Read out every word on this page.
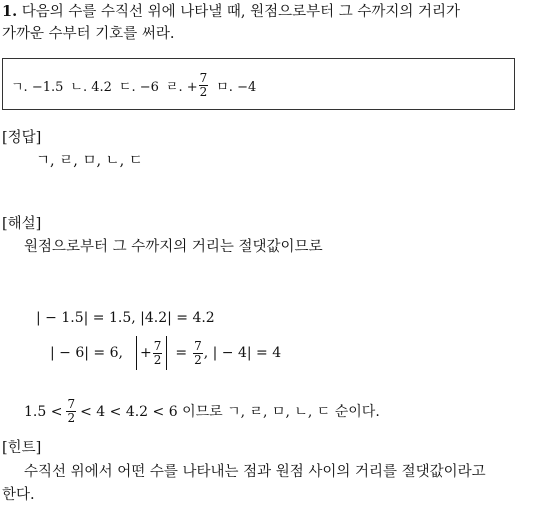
1. 다음의 수를 수직선 위에 나타낼 때, 원점으로부터 그 수까지의 거리가
가까운 수부터 기호를 써라.
ㄱ. −1.5 ㄴ. 4.2 ㄷ. −6 ㄹ. + $\frac{7}{2}$ ㅁ. −4
[정답]
ㄱ, ㄹ, ㅁ, ㄴ, ㄷ
[해설]
원점으로부터 그 수까지의 거리는 절댓값이므로
| − 1.5| = 1.5, |4.2| = 4.2
| − 6| = 6, + $\frac{7}{2} = \frac{7}{2}$ , | − 4| = 4
$1.5 < \frac{7}{2} < 4 < 4.2 < 6$ 이므로 ㄱ, ㄹ, ㅁ, ㄴ, ㄷ 순이다.
[힌트]
수직선 위에서 어떤 수를 나타내는 점과 원점 사이의 거리를 절댓값이라고
한다.
